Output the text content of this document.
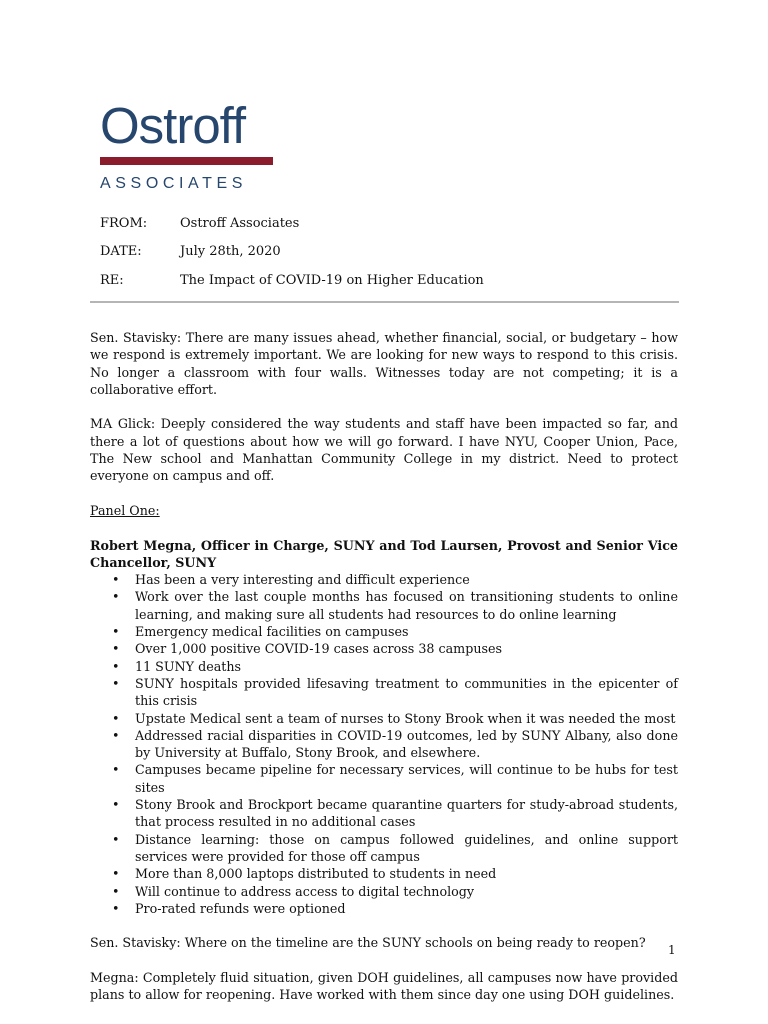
Ostroff
ASSOCIATES
FROM:	Ostroff Associates
DATE:	July 28th, 2020
RE:	The Impact of COVID-19 on Higher Education

Sen. Stavisky: There are many issues ahead, whether financial, social, or budgetary – how we respond is extremely important. We are looking for new ways to respond to this crisis. No longer a classroom with four walls. Witnesses today are not competing; it is a collaborative effort.

MA Glick: Deeply considered the way students and staff have been impacted so far, and there a lot of questions about how we will go forward. I have NYU, Cooper Union, Pace, The New school and Manhattan Community College in my district. Need to protect everyone on campus and off.

Panel One:

Robert Megna, Officer in Charge, SUNY and Tod Laursen, Provost and Senior Vice Chancellor, SUNY

• Has been a very interesting and difficult experience
• Work over the last couple months has focused on transitioning students to online learning, and making sure all students had resources to do online learning
• Emergency medical facilities on campuses
• Over 1,000 positive COVID-19 cases across 38 campuses
• 11 SUNY deaths
• SUNY hospitals provided lifesaving treatment to communities in the epicenter of this crisis
• Upstate Medical sent a team of nurses to Stony Brook when it was needed the most
• Addressed racial disparities in COVID-19 outcomes, led by SUNY Albany, also done by University at Buffalo, Stony Brook, and elsewhere.
• Campuses became pipeline for necessary services, will continue to be hubs for test sites
• Stony Brook and Brockport became quarantine quarters for study-abroad students, that process resulted in no additional cases
• Distance learning: those on campus followed guidelines, and online support services were provided for those off campus
• More than 8,000 laptops distributed to students in need
• Will continue to address access to digital technology
• Pro-rated refunds were optioned

Sen. Stavisky: Where on the timeline are the SUNY schools on being ready to reopen?

Megna: Completely fluid situation, given DOH guidelines, all campuses now have provided plans to allow for reopening. Have worked with them since day one using DOH guidelines.

1
